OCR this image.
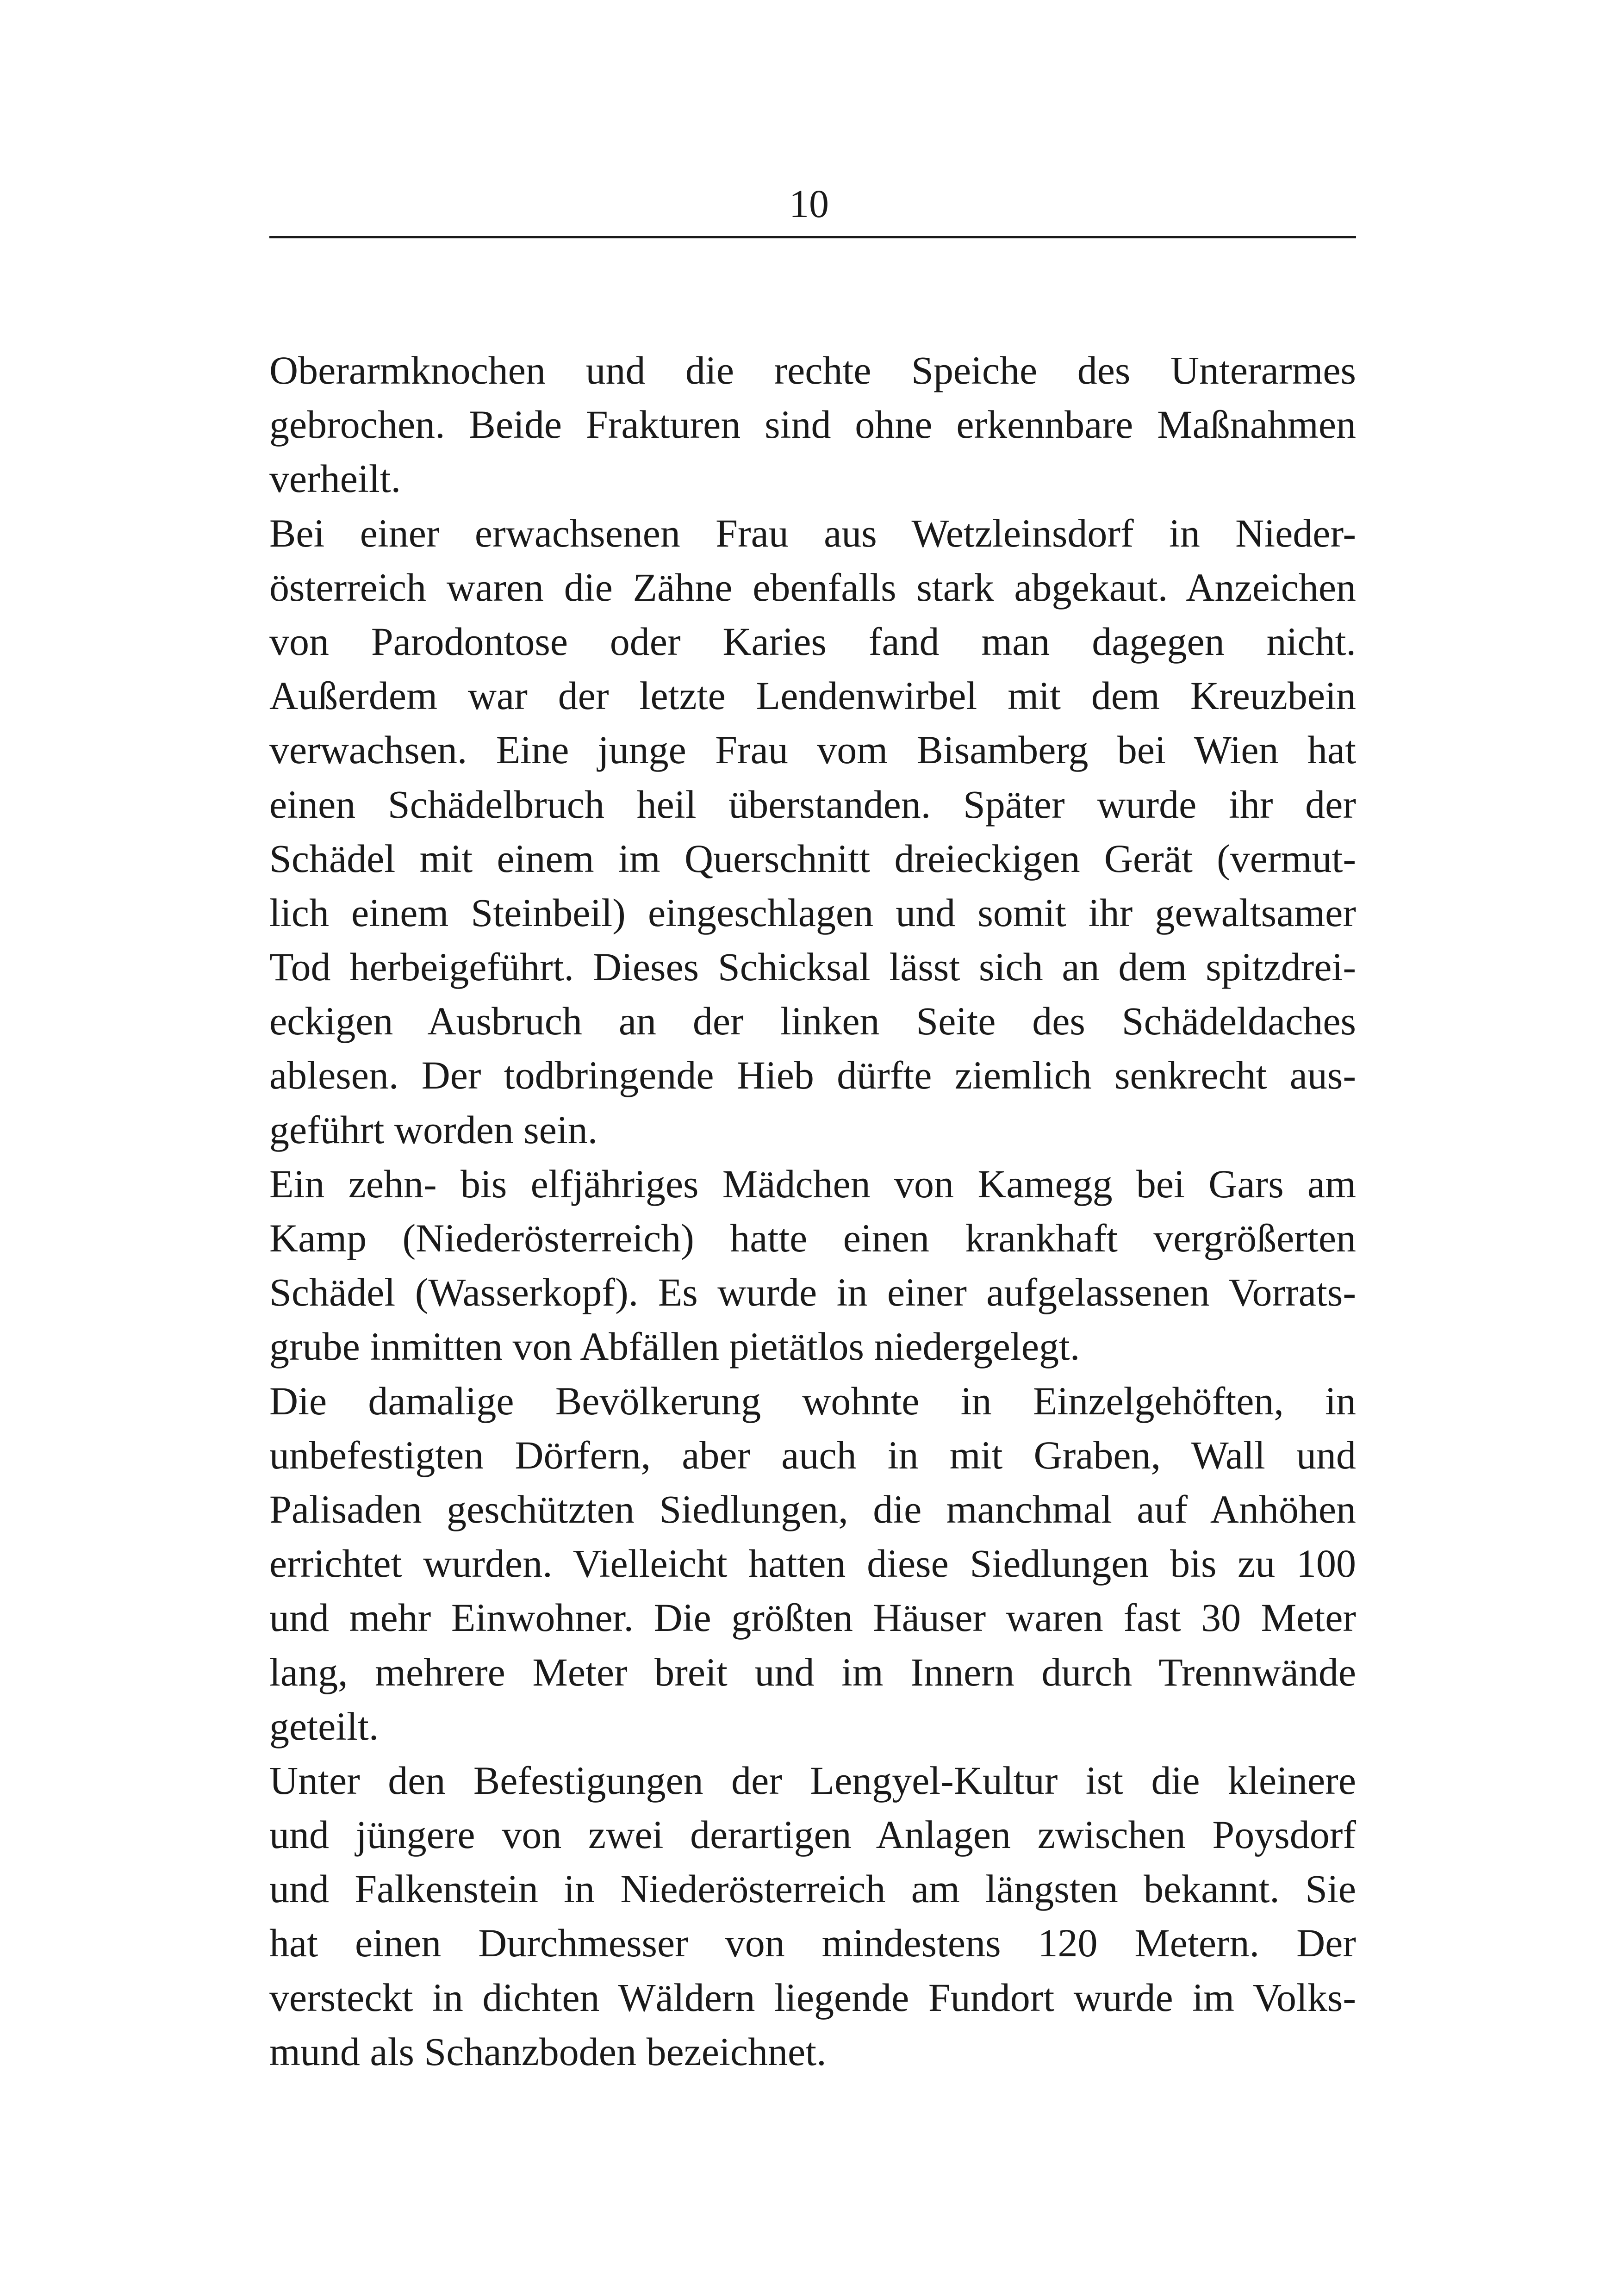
10
Oberarmknochen und die rechte Speiche des Unterarmes
gebrochen. Beide Frakturen sind ohne erkennbare Maßnahmen
verheilt.
Bei einer erwachsenen Frau aus Wetzleinsdorf in Nieder-
österreich waren die Zähne ebenfalls stark abgekaut. Anzeichen
von Parodontose oder Karies fand man dagegen nicht.
Außerdem war der letzte Lendenwirbel mit dem Kreuzbein
verwachsen. Eine junge Frau vom Bisamberg bei Wien hat
einen Schädelbruch heil überstanden. Später wurde ihr der
Schädel mit einem im Querschnitt dreieckigen Gerät (vermut-
lich einem Steinbeil) eingeschlagen und somit ihr gewaltsamer
Tod herbeigeführt. Dieses Schicksal lässt sich an dem spitzdrei-
eckigen Ausbruch an der linken Seite des Schädeldaches
ablesen. Der todbringende Hieb dürfte ziemlich senkrecht aus-
geführt worden sein.
Ein zehn- bis elfjähriges Mädchen von Kamegg bei Gars am
Kamp (Niederösterreich) hatte einen krankhaft vergrößerten
Schädel (Wasserkopf). Es wurde in einer aufgelassenen Vorrats-
grube inmitten von Abfällen pietätlos niedergelegt.
Die damalige Bevölkerung wohnte in Einzelgehöften, in
unbefestigten Dörfern, aber auch in mit Graben, Wall und
Palisaden geschützten Siedlungen, die manchmal auf Anhöhen
errichtet wurden. Vielleicht hatten diese Siedlungen bis zu 100
und mehr Einwohner. Die größten Häuser waren fast 30 Meter
lang, mehrere Meter breit und im Innern durch Trennwände
geteilt.
Unter den Befestigungen der Lengyel-Kultur ist die kleinere
und jüngere von zwei derartigen Anlagen zwischen Poysdorf
und Falkenstein in Niederösterreich am längsten bekannt. Sie
hat einen Durchmesser von mindestens 120 Metern. Der
versteckt in dichten Wäldern liegende Fundort wurde im Volks-
mund als Schanzboden bezeichnet.
